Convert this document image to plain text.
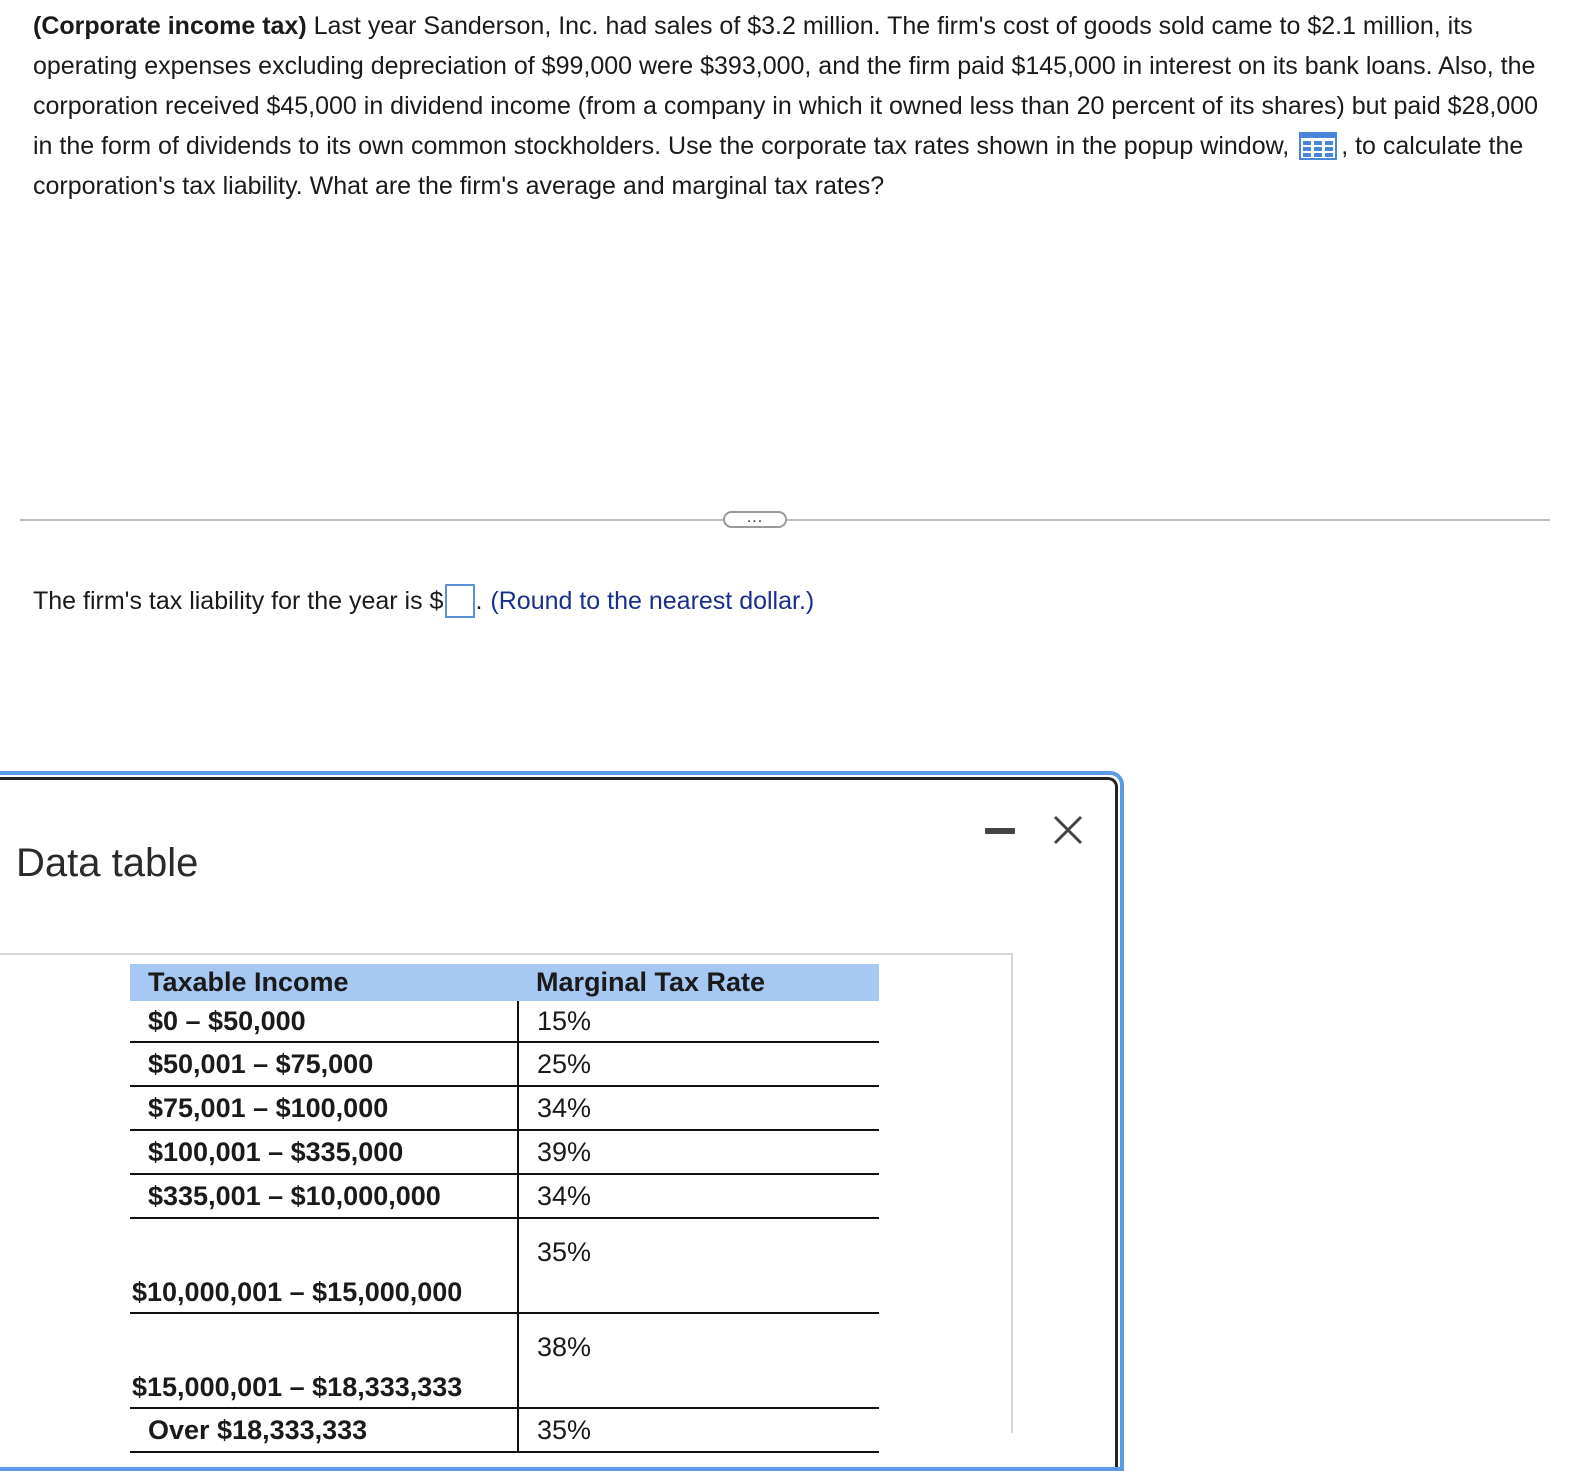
(Corporate income tax) Last year Sanderson, Inc. had sales of $3.2 million. The firm's cost of goods sold came to $2.1 million, its operating expenses excluding depreciation of $99,000 were $393,000, and the firm paid $145,000 in interest on its bank loans. Also, the corporation received $45,000 in dividend income (from a company in which it owned less than 20 percent of its shares) but paid $28,000 in the form of dividends to its own common stockholders. Use the corporate tax rates shown in the popup window, , to calculate the corporation's tax liability. What are the firm's average and marginal tax rates?
...
The firm's tax liability for the year is $ . (Round to the nearest dollar.)
Data table
Taxable Income	Marginal Tax Rate
$0 – $50,000	15%
$50,001 – $75,000	25%
$75,001 – $100,000	34%
$100,001 – $335,000	39%
$335,001 – $10,000,000	34%
$10,000,001 – $15,000,000	35%
$15,000,001 – $18,333,333	38%
Over $18,333,333	35%
